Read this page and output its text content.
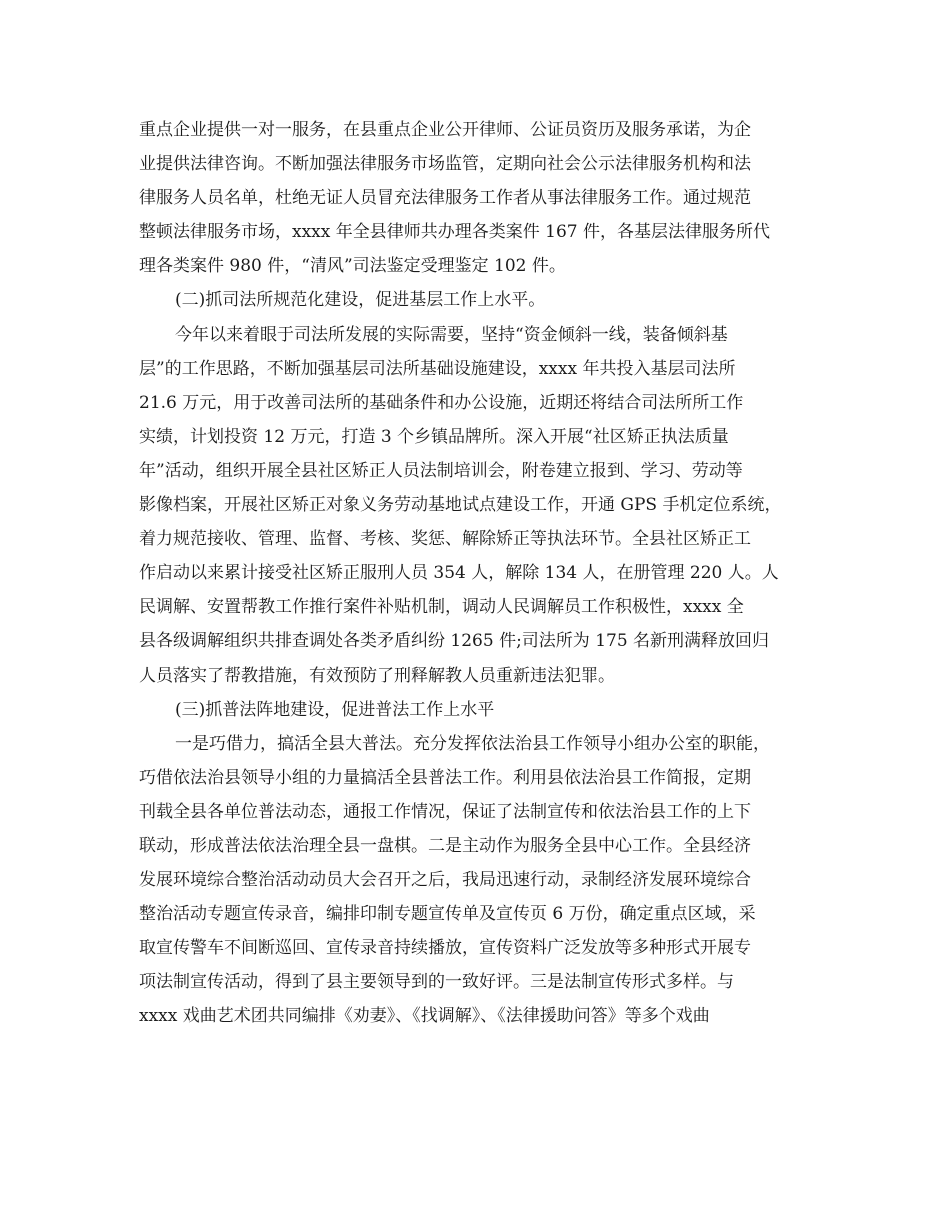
重点企业提供一对一服务，在县重点企业公开律师、公证员资历及服务承诺，为企
业提供法律咨询。不断加强法律服务市场监管，定期向社会公示法律服务机构和法
律服务人员名单，杜绝无证人员冒充法律服务工作者从事法律服务工作。通过规范
整顿法律服务市场，xxxx 年全县律师共办理各类案件 167 件，各基层法律服务所代
理各类案件 980 件，“清风”司法鉴定受理鉴定 102 件。
(二)抓司法所规范化建设，促进基层工作上水平。
今年以来着眼于司法所发展的实际需要，坚持“资金倾斜一线，装备倾斜基
层”的工作思路，不断加强基层司法所基础设施建设，xxxx 年共投入基层司法所
21.6 万元，用于改善司法所的基础条件和办公设施，近期还将结合司法所所工作
实绩，计划投资 12 万元，打造 3 个乡镇品牌所。深入开展“社区矫正执法质量
年”活动，组织开展全县社区矫正人员法制培训会，附卷建立报到、学习、劳动等
影像档案，开展社区矫正对象义务劳动基地试点建设工作，开通 GPS 手机定位系统，
着力规范接收、管理、监督、考核、奖惩、解除矫正等执法环节。全县社区矫正工
作启动以来累计接受社区矫正服刑人员 354 人，解除 134 人，在册管理 220 人。人
民调解、安置帮教工作推行案件补贴机制，调动人民调解员工作积极性，xxxx 全
县各级调解组织共排查调处各类矛盾纠纷 1265 件;司法所为 175 名新刑满释放回归
人员落实了帮教措施，有效预防了刑释解教人员重新违法犯罪。
(三)抓普法阵地建设，促进普法工作上水平
一是巧借力，搞活全县大普法。充分发挥依法治县工作领导小组办公室的职能，
巧借依法治县领导小组的力量搞活全县普法工作。利用县依法治县工作简报，定期
刊载全县各单位普法动态，通报工作情况，保证了法制宣传和依法治县工作的上下
联动，形成普法依法治理全县一盘棋。二是主动作为服务全县中心工作。全县经济
发展环境综合整治活动动员大会召开之后，我局迅速行动，录制经济发展环境综合
整治活动专题宣传录音，编排印制专题宣传单及宣传页 6 万份，确定重点区域，采
取宣传警车不间断巡回、宣传录音持续播放，宣传资料广泛发放等多种形式开展专
项法制宣传活动，得到了县主要领导到的一致好评。三是法制宣传形式多样。与
xxxx 戏曲艺术团共同编排《劝妻》、《找调解》、《法律援助问答》等多个戏曲
